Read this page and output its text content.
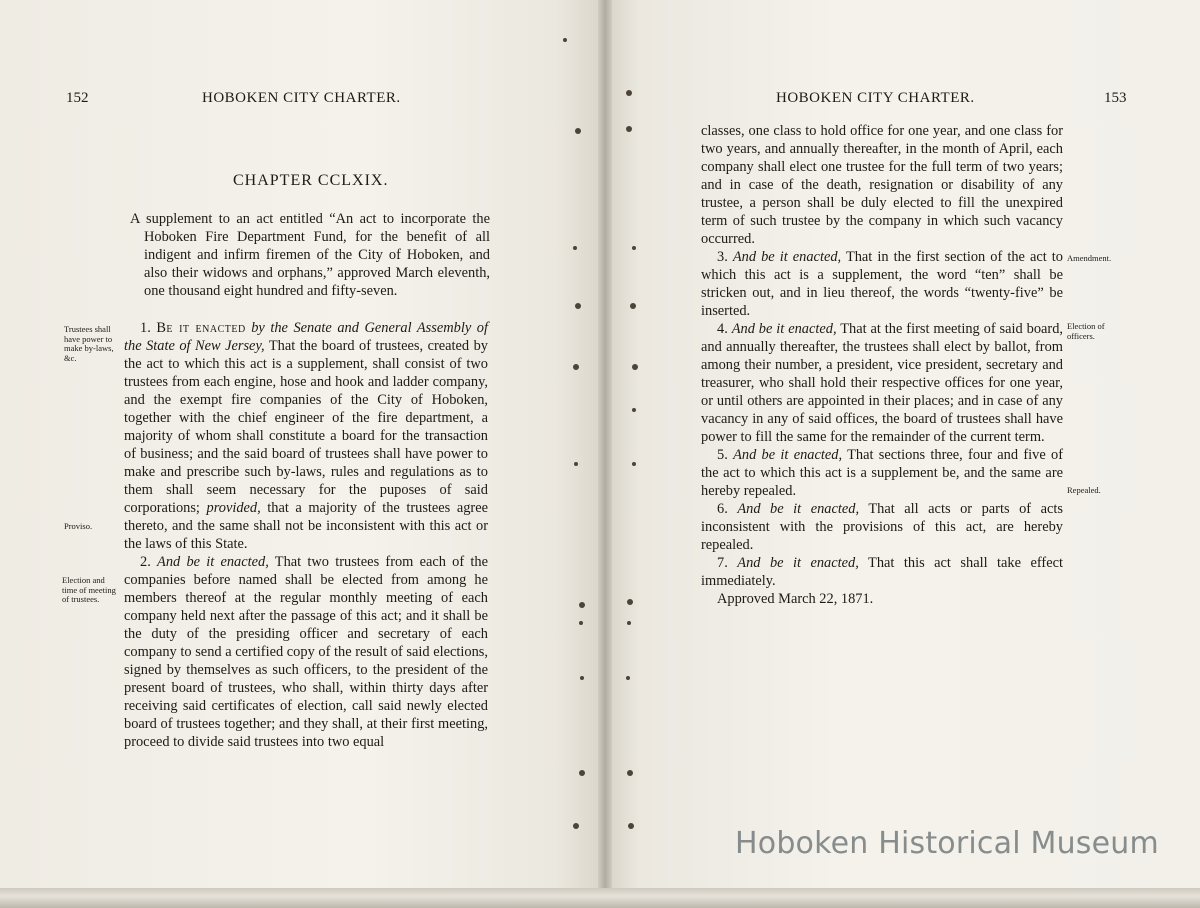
152	HOBOKEN CITY CHARTER.
CHAPTER CCLXIX.

A supplement to an act entitled “An act to incorporate the Hoboken Fire Department Fund, for the benefit of all indigent and infirm firemen of the City of Hoboken, and also their widows and orphans,” approved March eleventh, one thousand eight hundred and fifty-seven.

1. Be it enacted by the Senate and General Assembly of the State of New Jersey, That the board of trustees, created by the act to which this act is a supplement, shall consist of two trustees from each engine, hose and hook and ladder company, and the exempt fire companies of the City of Hoboken, together with the chief engineer of the fire department, a majority of whom shall constitute a board for the transaction of business; and the said board of trustees shall have power to make and prescribe such by-laws, rules and regulations as to them shall seem necessary for the puposes of said corporations; provided, that a majority of the trustees agree thereto, and the same shall not be inconsistent with this act or the laws of this State.

2. And be it enacted, That two trustees from each of the companies before named shall be elected from among he members thereof at the regular monthly meeting of each company held next after the passage of this act; and it shall be the duty of the presiding officer and secretary of each company to send a certified copy of the result of said elections, signed by themselves as such officers, to the president of the present board of trustees, who shall, within thirty days after receiving said certificates of election, call said newly elected board of trustees together; and they shall, at their first meeting, proceed to divide said trustees into two equal

Trustees shall have power to make by-laws, &c.
Proviso.
Election and time of meeting of trustees.
HOBOKEN CITY CHARTER.	153

classes, one class to hold office for one year, and one class for two years, and annually thereafter, in the month of April, each company shall elect one trustee for the full term of two years; and in case of the death, resignation or disability of any trustee, a person shall be duly elected to fill the unexpired term of such trustee by the company in which such vacancy occurred.

3. And be it enacted, That in the first section of the act to which this act is a supplement, the word “ten” shall be stricken out, and in lieu thereof, the words “twenty-five” be inserted.

4. And be it enacted, That at the first meeting of said board, and annually thereafter, the trustees shall elect by ballot, from among their number, a president, vice president, secretary and treasurer, who shall hold their respective offices for one year, or until others are appointed in their places; and in case of any vacancy in any of said offices, the board of trustees shall have power to fill the same for the remainder of the current term.

5. And be it enacted, That sections three, four and five of the act to which this act is a supplement be, and the same are hereby repealed.

6. And be it enacted, That all acts or parts of acts inconsistent with the provisions of this act, are hereby repealed.

7. And be it enacted, That this act shall take effect immediately.

Approved March 22, 1871.

Amendment.
Election of officers.
Repealed.
Hoboken Historical Museum
